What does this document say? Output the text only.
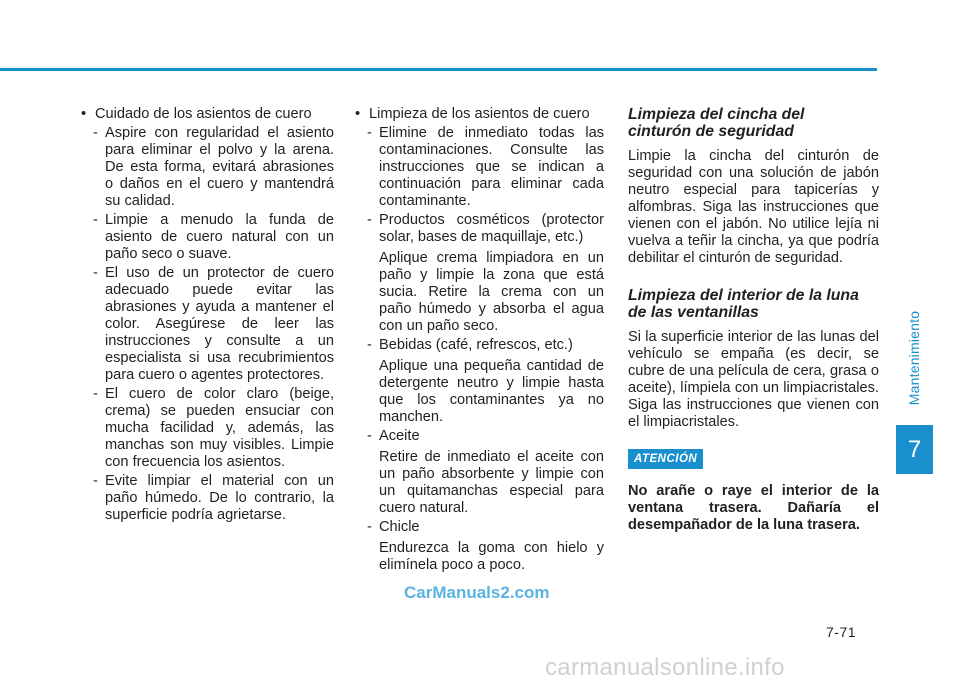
• Cuidado de los asientos de cuero

- Aspire con regularidad el asiento para eliminar el polvo y la arena. De esta forma, evitará abrasiones o daños en el cuero y mantendrá su calidad.

- Limpie a menudo la funda de asiento de cuero natural con un paño seco o suave.

- El uso de un protector de cuero adecuado puede evitar las abrasiones y ayuda a mantener el color. Asegúrese de leer las instrucciones y consulte a un especialista si usa recubrimientos para cuero o agentes protectores.

- El cuero de color claro (beige, crema) se pueden ensuciar con mucha facilidad y, además, las manchas son muy visibles. Limpie con frecuencia los asientos.

- Evite limpiar el material con un paño húmedo. De lo contrario, la superficie podría agrietarse.

• Limpieza de los asientos de cuero

- Elimine de inmediato todas las contaminaciones. Consulte las instrucciones que se indican a continuación para eliminar cada contaminante.

- Productos cosméticos (protector solar, bases de maquillaje, etc.)

Aplique crema limpiadora en un paño y limpie la zona que está sucia. Retire la crema con un paño húmedo y absorba el agua con un paño seco.

- Bebidas (café, refrescos, etc.)

Aplique una pequeña cantidad de detergente neutro y limpie hasta que los contaminantes ya no manchen.

- Aceite

Retire de inmediato el aceite con un paño absorbente y limpie con un quitamanchas especial para cuero natural.

- Chicle

Endurezca la goma con hielo y elimínela poco a poco.

Limpieza del cincha del
cinturón de seguridad

Limpie la cincha del cinturón de seguridad con una solución de jabón neutro especial para tapicerías y alfombras. Siga las instrucciones que vienen con el jabón. No utilice lejía ni vuelva a teñir la cincha, ya que podría debilitar el cinturón de seguridad.

Limpieza del interior de la luna
de las ventanillas

Si la superficie interior de las lunas del vehículo se empaña (es decir, se cubre de una película de cera, grasa o aceite), límpiela con un limpiacristales. Siga las instrucciones que vienen con el limpiacristales.

ATENCIÓN

No arañe o raye el interior de la ventana trasera. Dañaría el desempañador de la luna trasera.

Mantenimiento
7
7-71
CarManuals2.com
carmanualsonline.info
